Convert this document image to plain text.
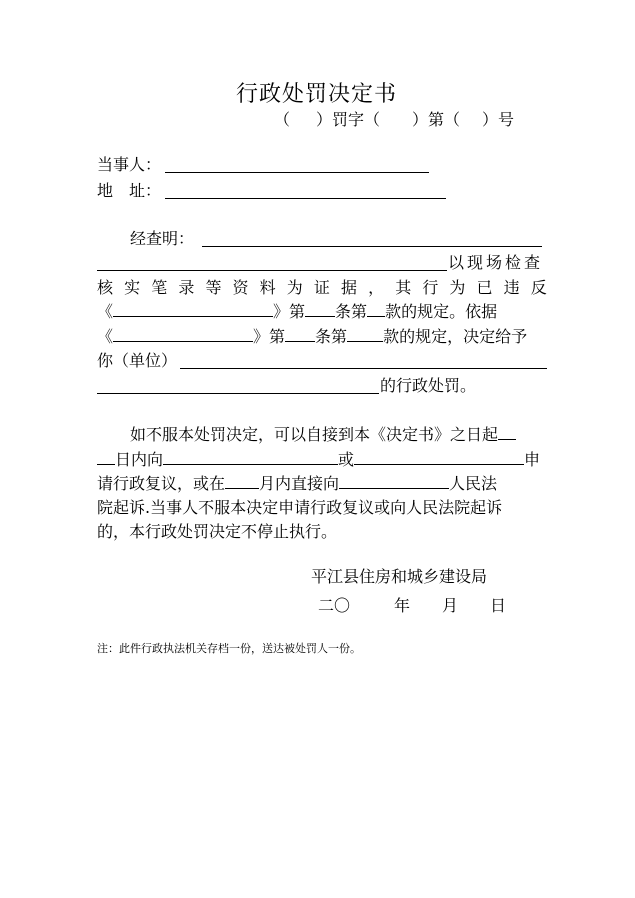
行政处罚决定书
（ ）罚字（ ）第（ ）号
当事人：
地　址：
经查明：
以现场检查
核 实 笔 录 等 资 料 为 证 据 ， 其 行 为 已 违 反
《	》第 条第 款的规定。依据
《	》第 条第 款的规定，决定给予
你（单位）
的行政处罚。
如不服本处罚决定，可以自接到本《决定书》之日起
日内向	或	申
请行政复议，或在 月内直接向	人民法
院起诉.当事人不服本决定申请行政复议或向人民法院起诉
的，本行政处罚决定不停止执行。
平江县住房和城乡建设局
二〇	年 月 日
注：此件行政执法机关存档一份，送达被处罚人一份。
